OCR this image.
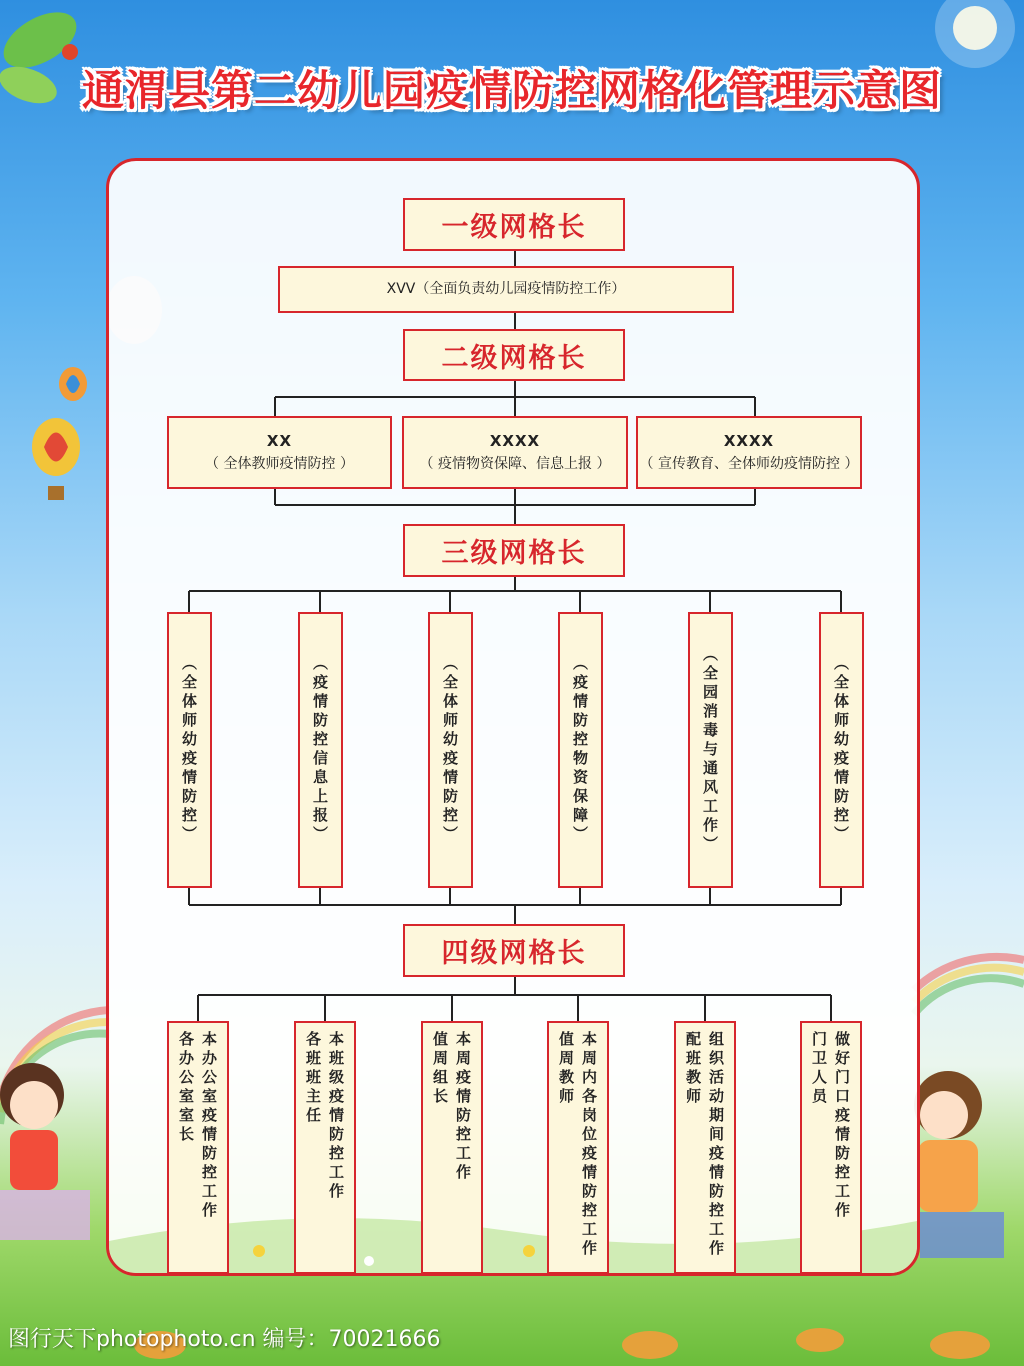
通渭县第二幼儿园疫情防控网格化管理示意图
一级网格长
XVV（全面负责幼儿园疫情防控工作）
二级网格长
XX
（ 全体教师疫情防控 ）
XXXX
（ 疫情物资保障、信息上报 ）
XXXX
（ 宣传教育、全体师幼疫情防控 ）
三级网格长
（全体师幼疫情防控）	（疫情防控信息上报）	（全体师幼疫情防控）	（疫情防控物资保障）	（全园消毒与通风工作）	（全体师幼疫情防控）
四级网格长
本办公室疫情防控工作
各办公室室长	本班级疫情防控工作
各班班主任	本周疫情防控工作
值周组长	本周内各岗位疫情防控工作
值周教师	组织活动期间疫情防控工作
配班教师	做好门口疫情防控工作
门卫人员
图行天下photophoto.cn 编号：70021666
